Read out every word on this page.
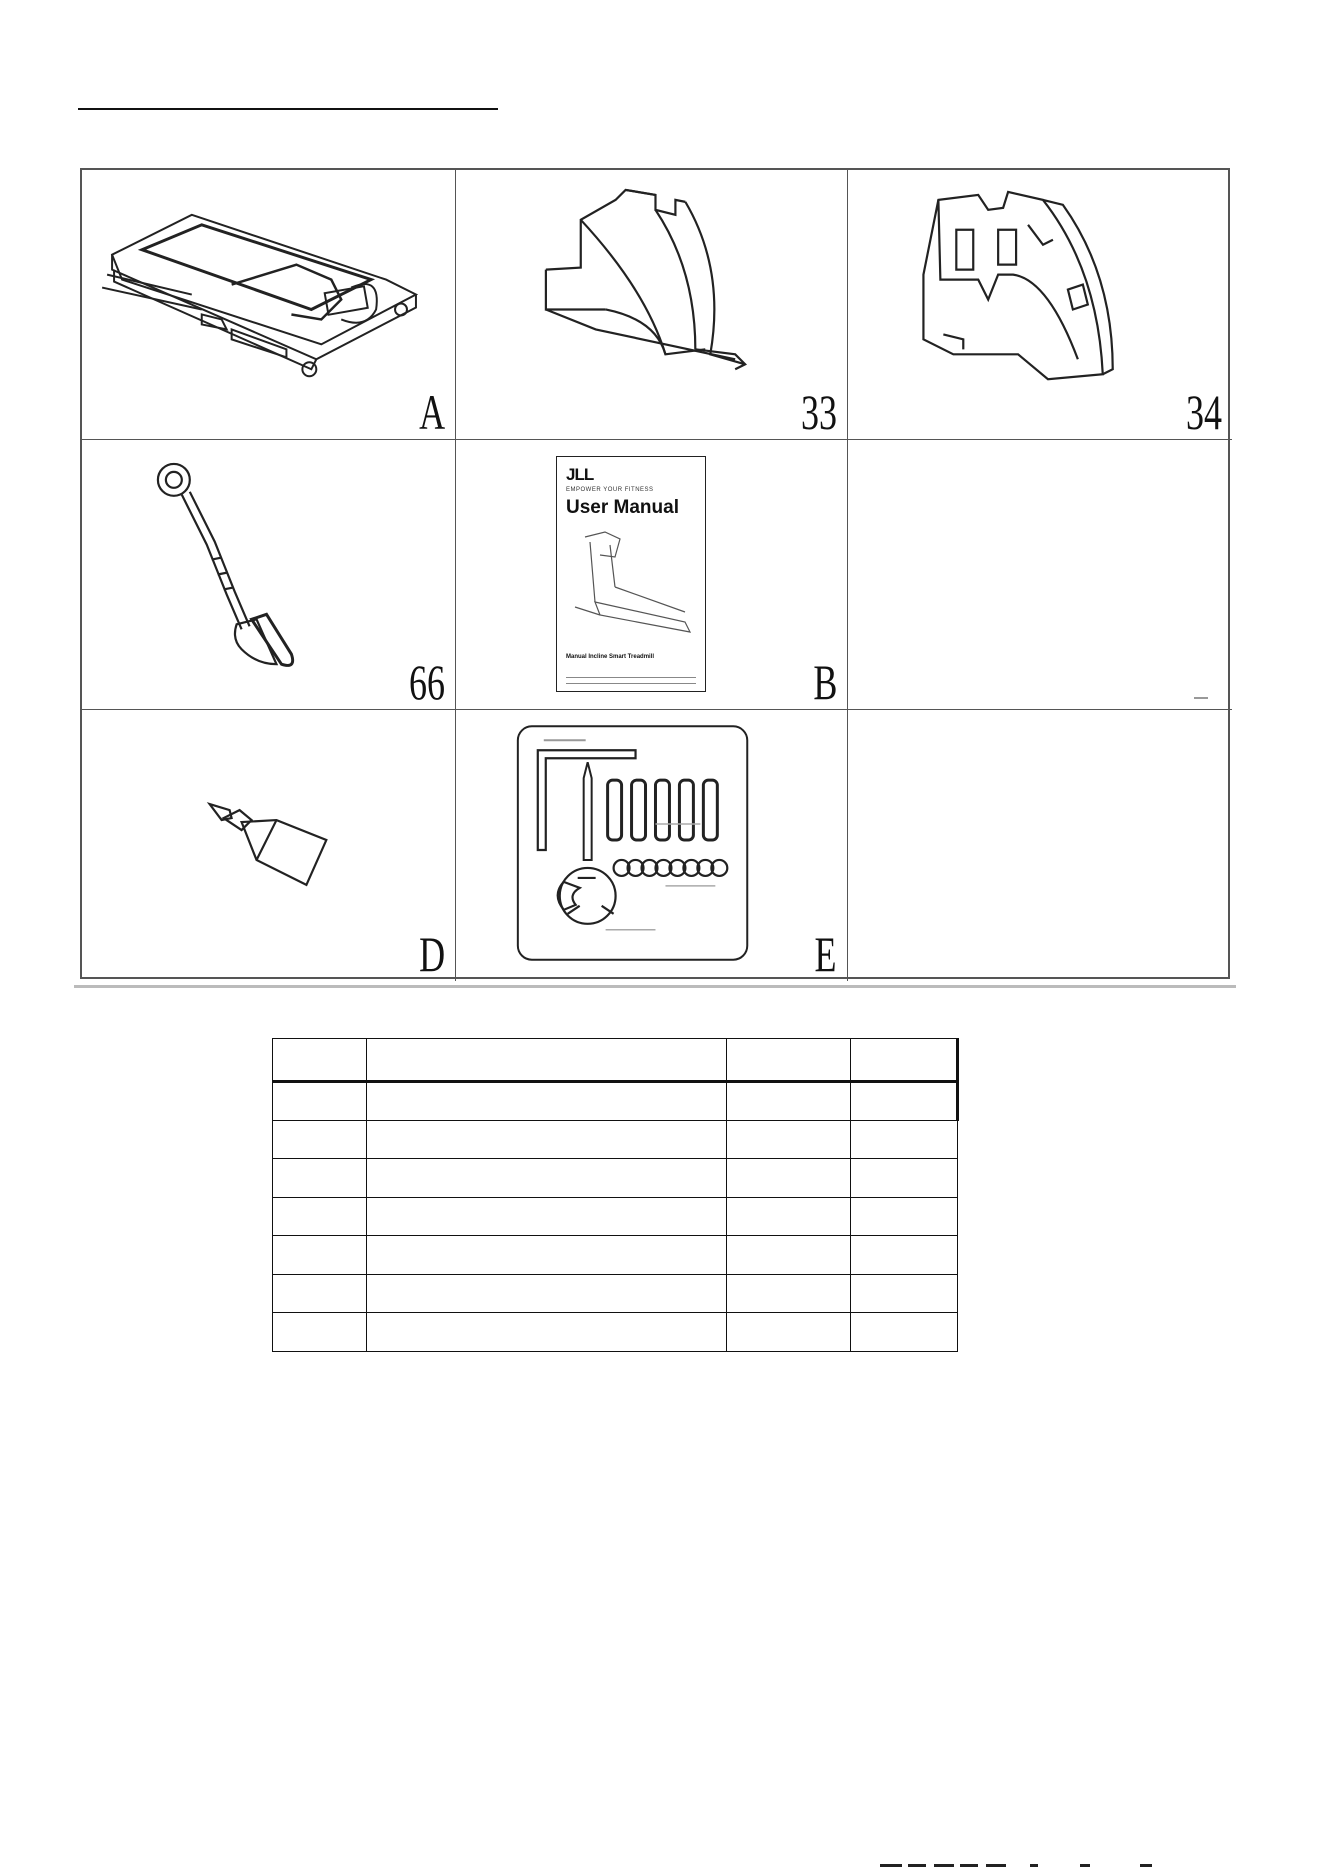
A	33	34
66
JLL
EMPOWER YOUR FITNESS
User Manual
Manual Incline Smart Treadmill	B
D	E
